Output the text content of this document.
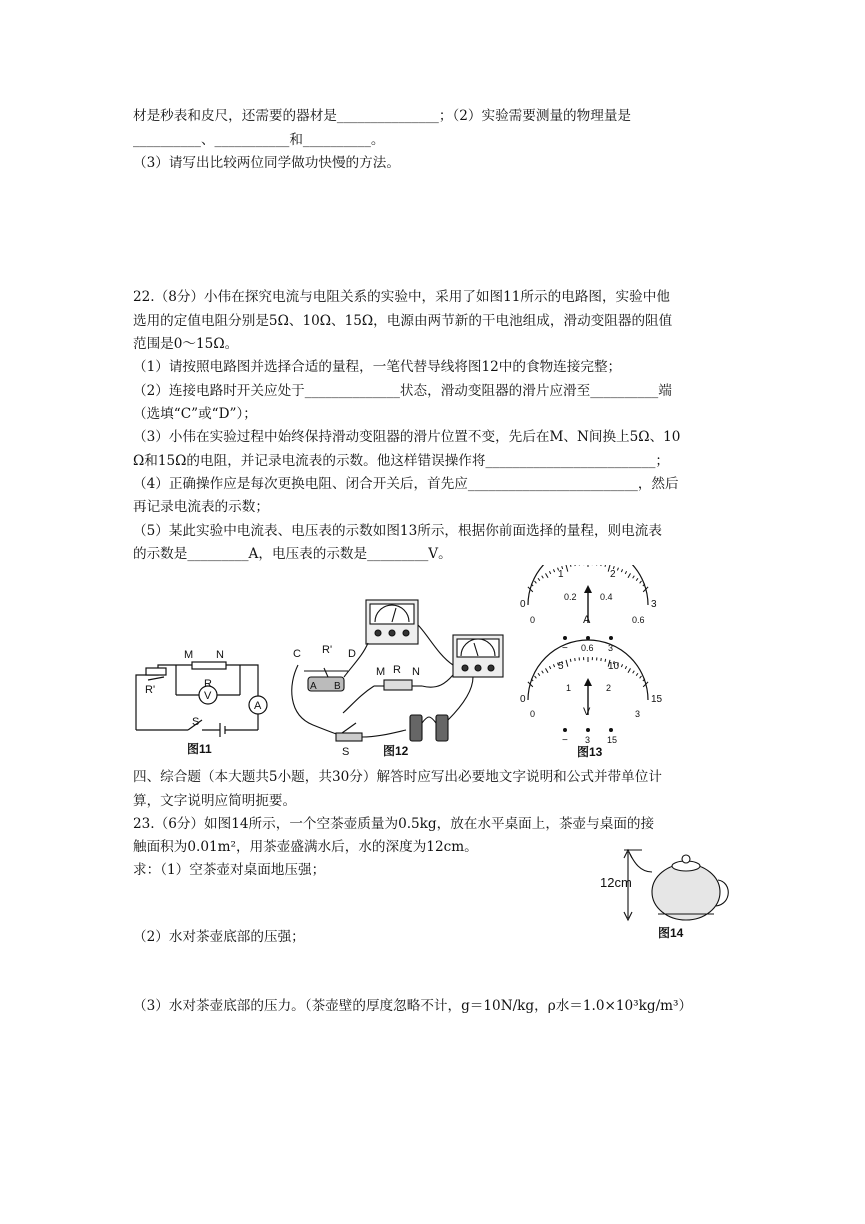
材是秒表和皮尺，还需要的器材是_______________；（2）实验需要测量的物理量是
__________、___________和__________。
（3）请写出比较两位同学做功快慢的方法。
22.（8分）小伟在探究电流与电阻关系的实验中，采用了如图11所示的电路图，实验中他
选用的定值电阻分别是5Ω、10Ω、15Ω，电源由两节新的干电池组成，滑动变阻器的阻值
范围是0～15Ω。
（1）请按照电路图并选择合适的量程，一笔代替导线将图12中的食物连接完整；
（2）连接电路时开关应处于______________状态，滑动变阻器的滑片应滑至__________端
（选填“C”或“D”）；
（3）小伟在实验过程中始终保持滑动变阻器的滑片位置不变，先后在M、N间换上5Ω、10
Ω和15Ω的电阻，并记录电流表的示数。他这样错误操作将_________________________；
（4）正确操作应是每次更换电阻、闭合开关后，首先应_________________________，然后
再记录电流表的示数；
（5）某此实验中电流表、电压表的示数如图13所示，根据你前面选择的量程，则电流表
的示数是_________A，电压表的示数是_________V。
四、综合题（本大题共5小题，共30分）解答时应写出必要地文字说明和公式并带单位计
算，文字说明应简明扼要。
23.（6分）如图14所示，一个空茶壶质量为0.5kg，放在水平桌面上，茶壶与桌面的接
触面积为0.01m²，用茶壶盛满水后，水的深度为12cm。
求：（1）空茶壶对桌面地压强；
（2）水对茶壶底部的压强；
（3）水对茶壶底部的压力。（茶壶壁的厚度忽略不计，g＝10N/kg，ρ水＝1.0×10³kg/m³）
R'
M N
R
V
A
S
图11
C R' D
A B
M R N
S	图12
0
1	2
3
0
0.2	0.4
0.6
A
− 0.6 3
0
5	10
15
0
1	2
3
V
− 3 15
图13
12cm
图14
